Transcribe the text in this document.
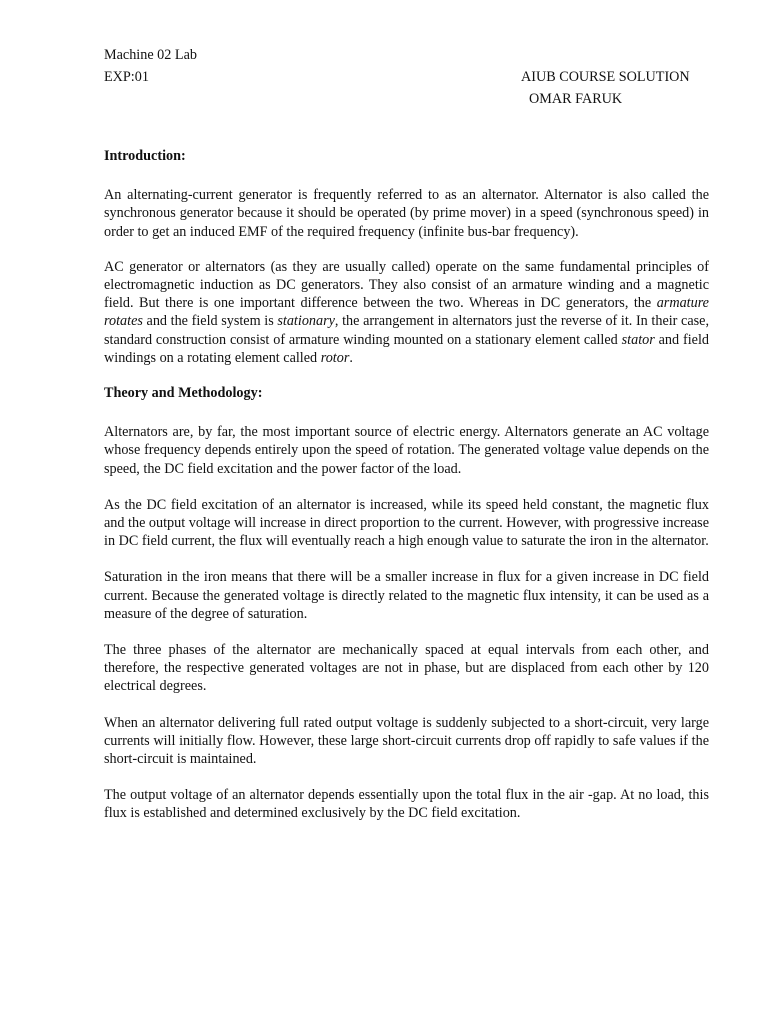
Machine 02 Lab
EXP:01	AIUB COURSE SOLUTION
OMAR FARUK
Introduction:

An alternating-current generator is frequently referred to as an alternator. Alternator is also called the synchronous generator because it should be operated (by prime mover) in a speed (synchronous speed) in order to get an induced EMF of the required frequency (infinite bus-bar frequency).

AC generator or alternators (as they are usually called) operate on the same fundamental principles of electromagnetic induction as DC generators. They also consist of an armature winding and a magnetic field. But there is one important difference between the two. Whereas in DC generators, the armature rotates and the field system is stationary, the arrangement in alternators just the reverse of it. In their case, standard construction consist of armature winding mounted on a stationary element called stator and field windings on a rotating element called rotor.

Theory and Methodology:

Alternators are, by far, the most important source of electric energy. Alternators generate an AC voltage whose frequency depends entirely upon the speed of rotation. The generated voltage value depends on the speed, the DC field excitation and the power factor of the load.

As the DC field excitation of an alternator is increased, while its speed held constant, the magnetic flux and the output voltage will increase in direct proportion to the current. However, with progressive increase in DC field current, the flux will eventually reach a high enough value to saturate the iron in the alternator.

Saturation in the iron means that there will be a smaller increase in flux for a given increase in DC field current. Because the generated voltage is directly related to the magnetic flux intensity, it can be used as a measure of the degree of saturation.

The three phases of the alternator are mechanically spaced at equal intervals from each other, and therefore, the respective generated voltages are not in phase, but are displaced from each other by 120 electrical degrees.

When an alternator delivering full rated output voltage is suddenly subjected to a short-circuit, very large currents will initially flow. However, these large short-circuit currents drop off rapidly to safe values if the short-circuit is maintained.

The output voltage of an alternator depends essentially upon the total flux in the air -gap. At no load, this flux is established and determined exclusively by the DC field excitation.
